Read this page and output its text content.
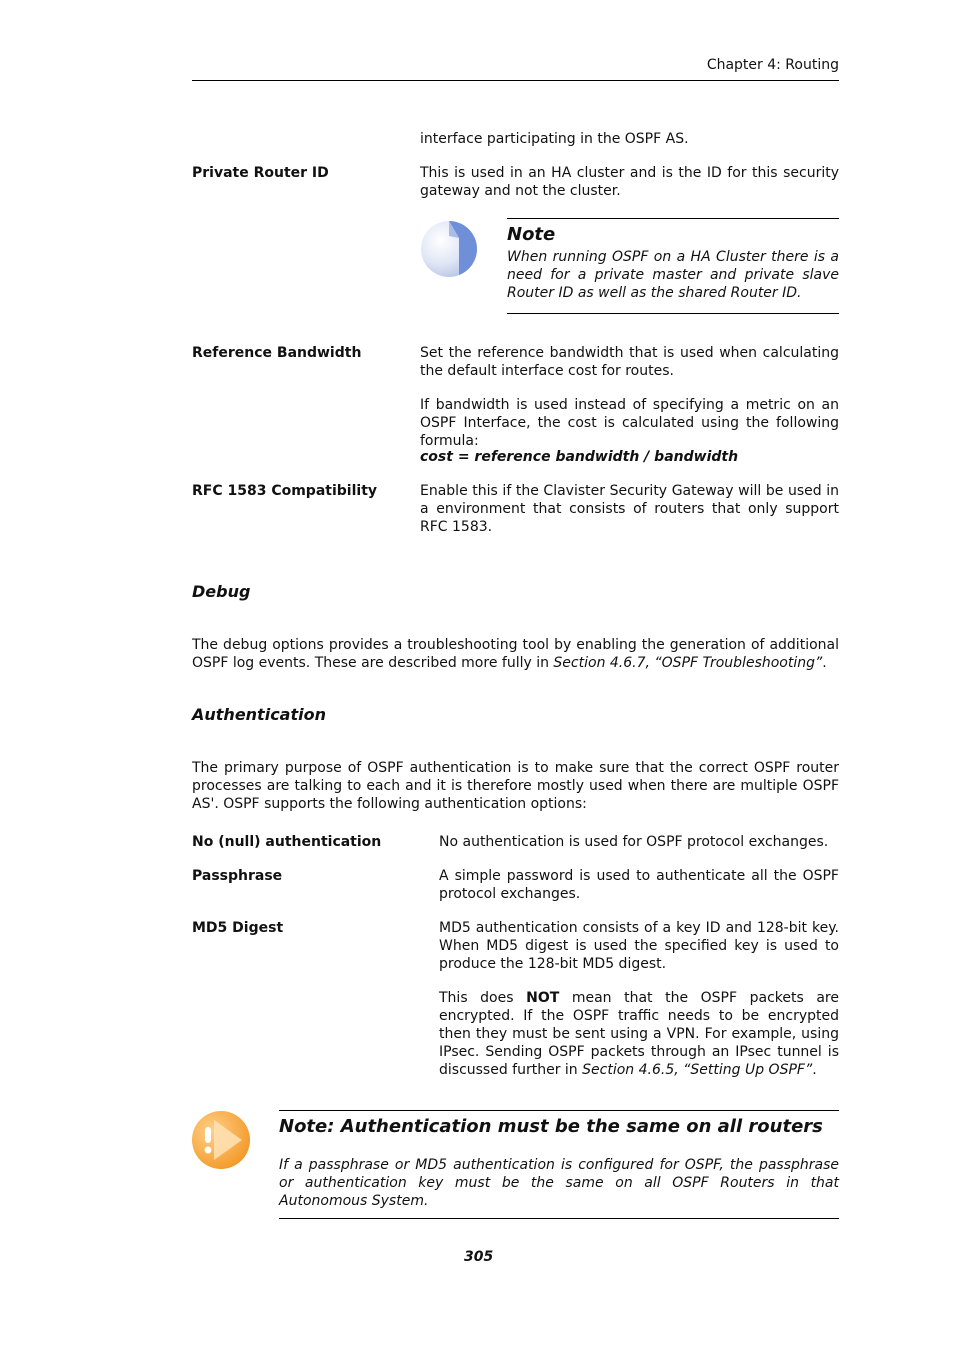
Chapter 4: Routing
interface participating in the OSPF AS.
Private Router ID	This is used in an HA cluster and is the ID for this security gateway and not the cluster.
Note
When running OSPF on a HA Cluster there is a need for a private master and private slave Router ID as well as the shared Router ID.
Reference Bandwidth	Set the reference bandwidth that is used when calculating the default interface cost for routes.
If bandwidth is used instead of specifying a metric on an OSPF Interface, the cost is calculated using the following formula:
cost = reference bandwidth / bandwidth
RFC 1583 Compatibility	Enable this if the Clavister Security Gateway will be used in a environment that consists of routers that only support RFC 1583.
Debug
The debug options provides a troubleshooting tool by enabling the generation of additional OSPF log events. These are described more fully in Section 4.6.7, “OSPF Troubleshooting”.
Authentication
The primary purpose of OSPF authentication is to make sure that the correct OSPF router processes are talking to each and it is therefore mostly used when there are multiple OSPF AS'. OSPF supports the following authentication options:
No (null) authentication	No authentication is used for OSPF protocol exchanges.
Passphrase	A simple password is used to authenticate all the OSPF protocol exchanges.
MD5 Digest	MD5 authentication consists of a key ID and 128-bit key. When MD5 digest is used the specified key is used to produce the 128-bit MD5 digest.
This does NOT mean that the OSPF packets are encrypted. If the OSPF traffic needs to be encrypted then they must be sent using a VPN. For example, using IPsec. Sending OSPF packets through an IPsec tunnel is discussed further in Section 4.6.5, “Setting Up OSPF”.
Note: Authentication must be the same on all routers
If a passphrase or MD5 authentication is configured for OSPF, the passphrase or authentication key must be the same on all OSPF Routers in that Autonomous System.
305
